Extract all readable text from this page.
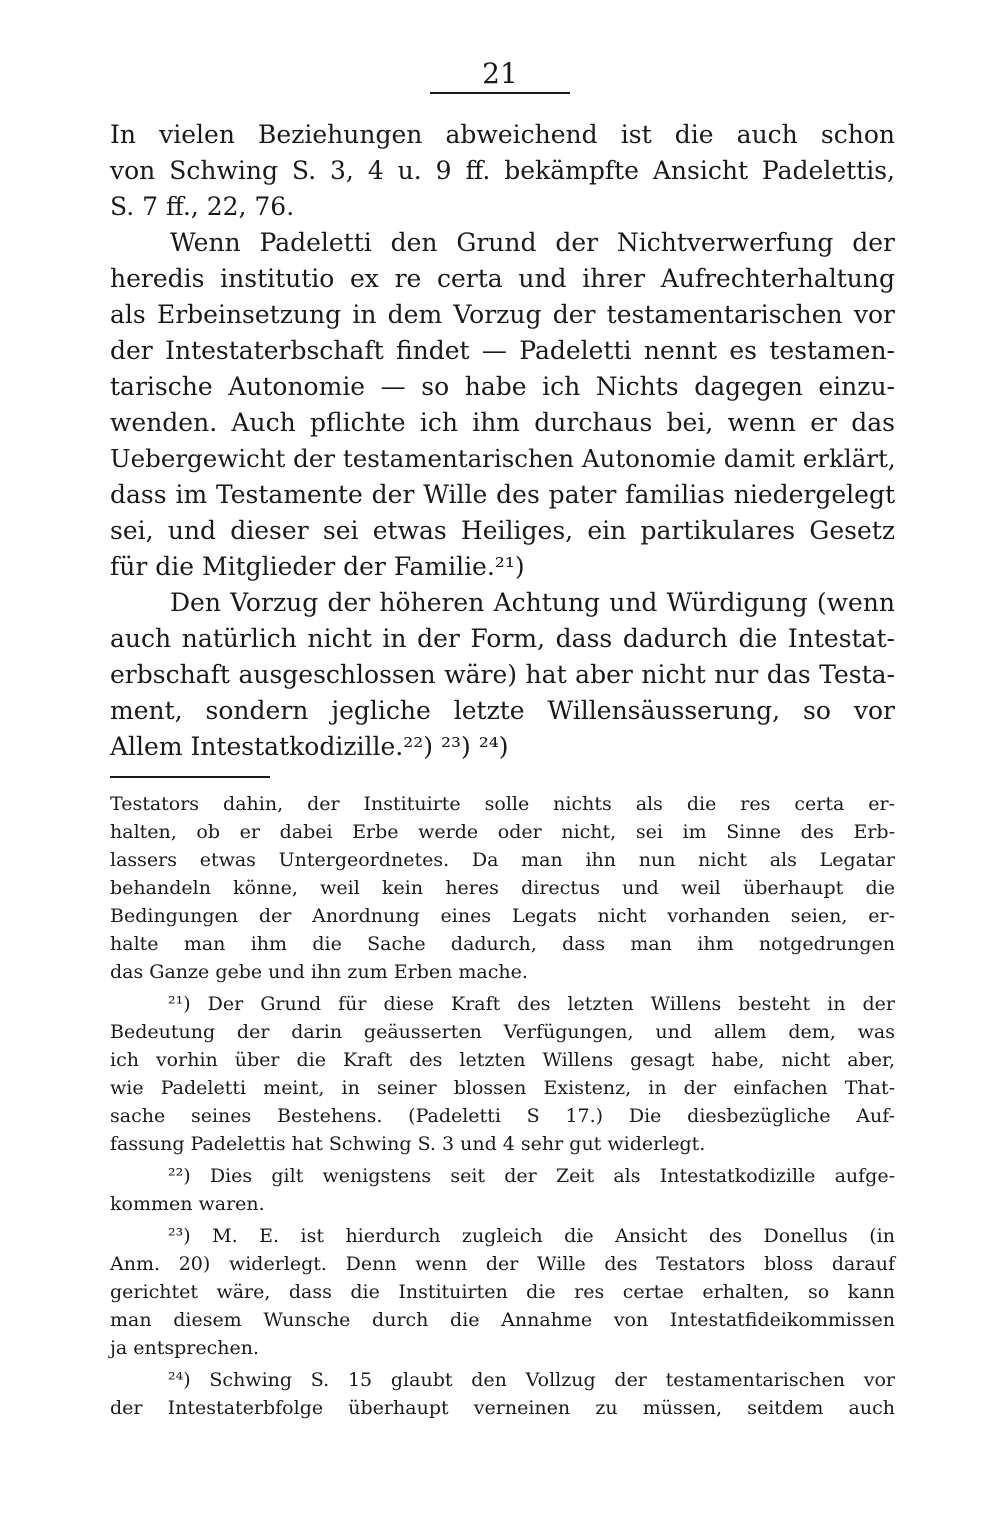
21

In vielen Beziehungen abweichend ist die auch schon

von Schwing S. 3, 4 u. 9 ff. bekämpfte Ansicht Padelettis,

S. 7 ff., 22, 76.

Wenn Padeletti den Grund der Nichtverwerfung der

heredis institutio ex re certa und ihrer Aufrechterhaltung

als Erbeinsetzung in dem Vorzug der testamentarischen vor

der Intestaterbschaft findet — Padeletti nennt es testamen-

tarische Autonomie — so habe ich Nichts dagegen einzu-

wenden. Auch pflichte ich ihm durchaus bei, wenn er das

Uebergewicht der testamentarischen Autonomie damit erklärt,

dass im Testamente der Wille des pater familias niedergelegt

sei, und dieser sei etwas Heiliges, ein partikulares Gesetz

für die Mitglieder der Familie.²¹)

Den Vorzug der höheren Achtung und Würdigung (wenn

auch natürlich nicht in der Form, dass dadurch die Intestat-

erbschaft ausgeschlossen wäre) hat aber nicht nur das Testa-

ment, sondern jegliche letzte Willensäusserung, so vor

Allem Intestatkodizille.²²) ²³) ²⁴)

Testators dahin, der Instituirte solle nichts als die res certa er-

halten, ob er dabei Erbe werde oder nicht, sei im Sinne des Erb-

lassers etwas Untergeordnetes. Da man ihn nun nicht als Legatar

behandeln könne, weil kein heres directus und weil überhaupt die

Bedingungen der Anordnung eines Legats nicht vorhanden seien, er-

halte man ihm die Sache dadurch, dass man ihm notgedrungen

das Ganze gebe und ihn zum Erben mache.

²¹) Der Grund für diese Kraft des letzten Willens besteht in der

Bedeutung der darin geäusserten Verfügungen, und allem dem, was

ich vorhin über die Kraft des letzten Willens gesagt habe, nicht aber,

wie Padeletti meint, in seiner blossen Existenz, in der einfachen That-

sache seines Bestehens. (Padeletti S 17.) Die diesbezügliche Auf-

fassung Padelettis hat Schwing S. 3 und 4 sehr gut widerlegt.

²²) Dies gilt wenigstens seit der Zeit als Intestatkodizille aufge-

kommen waren.

²³) M. E. ist hierdurch zugleich die Ansicht des Donellus (in

Anm. 20) widerlegt. Denn wenn der Wille des Testators bloss darauf

gerichtet wäre, dass die Instituirten die res certae erhalten, so kann

man diesem Wunsche durch die Annahme von Intestatfideikommissen

ja entsprechen.

²⁴) Schwing S. 15 glaubt den Vollzug der testamentarischen vor

der Intestaterbfolge überhaupt verneinen zu müssen, seitdem auch
